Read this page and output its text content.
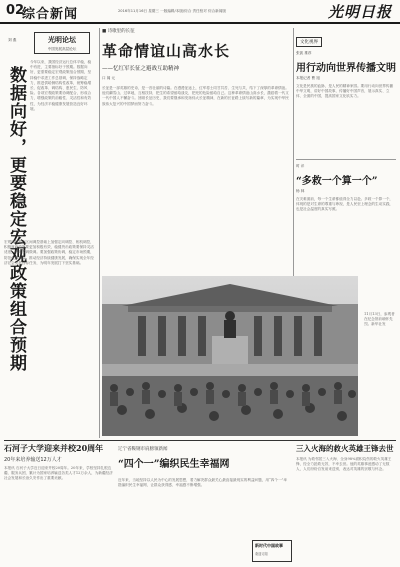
02
综合新闻	2016年11月16日 星期三 一版编辑/本版/综合 责任校对 综合新闻版	光明日报
刘 燕	光明论坛
中国发展高层论坛
数据向好，更要稳定宏观政策组合预期
今年以来，我国经济运行总体平稳，稳中有进，主要指标好于预期。数据向好，更需要稳定宏观政策组合预期，坚持稳中求进工作总基调，保持战略定力，推进供给侧结构性改革，统筹稳增长、促改革、调结构、惠民生、防风险。各项宏观政策要协调配合，形成合力，增强政策的前瞻性、灵活性和有效性，为经济平稳健康发展营造良好环境。
宏观调控要在区间调控基础上加强定向调控、相机调控，积极财政政策要更加积极有效，稳健货币政策要保持灵活适度，适时预调微调。要加强政策协调，稳定市场预期，防范化解风险，推动经济持续健康发展，确保实现全年经济社会发展目标任务，为明年发展打下坚实基础。
■ 诗歌里的长征
革命情谊山高水长
——忆红军长征之避战互助精神
口 闻 元
长征是一部英雄的史诗，是一首壮丽的诗篇。在漫漫征途上，红军将士同甘共苦、生死与共，结下了深厚的革命情谊。他们翻雪山、过草地，互相扶持，把生的希望留给战友，把死的危险留给自己。这种革命情谊山高水长，激励着一代又一代中国人不懈奋斗。回顾长征历史，我们要继承和发扬伟大长征精神，在新的长征路上续写新的篇章，为实现中华民族伟大复兴的中国梦而努力奋斗。
文化视界
张凯 推荐
用行动向世界传播文明
本报记者 曹 旭
文化是民族的血脉，是人民的精神家园。要用行动向世界传播中华文明，讲好中国故事，传播好中国声音，展示真实、立体、全面的中国，提高国家文化软实力。
时 评
“多救一个算一个”
杨 林
在灾难面前，每一个生命都值得全力以赴。多救一个算一个，体现的是对生命的尊重与珍视，是人民至上理念的生动实践，也是社会温度的真实写照。
11月13日，参观者在纪念馆前缅怀先烈。新华社发
石河子大学迎来并校20周年
20年来培养输送12万人才
本报讯 石河子大学近日迎来并校20周年。20年来，学校坚持扎根边疆、服务兵团，累计为国家培养输送各类人才12万余人，为新疆经济社会发展和长治久安作出了重要贡献。
辽宁省鞍钢市肩膀领新闻
“四个一”编织民生幸福网
近年来，当地坚持以人民为中心的发展思想，着力解决群众最关心最直接最现实的利益问题，用“四个一”举措编织民生幸福网，让群众获得感、幸福感不断增强。
新时代中国故事
欢迎订阅
三入火海的救火英雄王锋去世
本报讯 为救邻居三入火海、全身98%面积烧伤的救火英雄王锋，经全力抢救无效，不幸去世。他的英雄事迹感动了无数人，人们纷纷自发前来送别，表达对英雄的崇敬与怀念。
